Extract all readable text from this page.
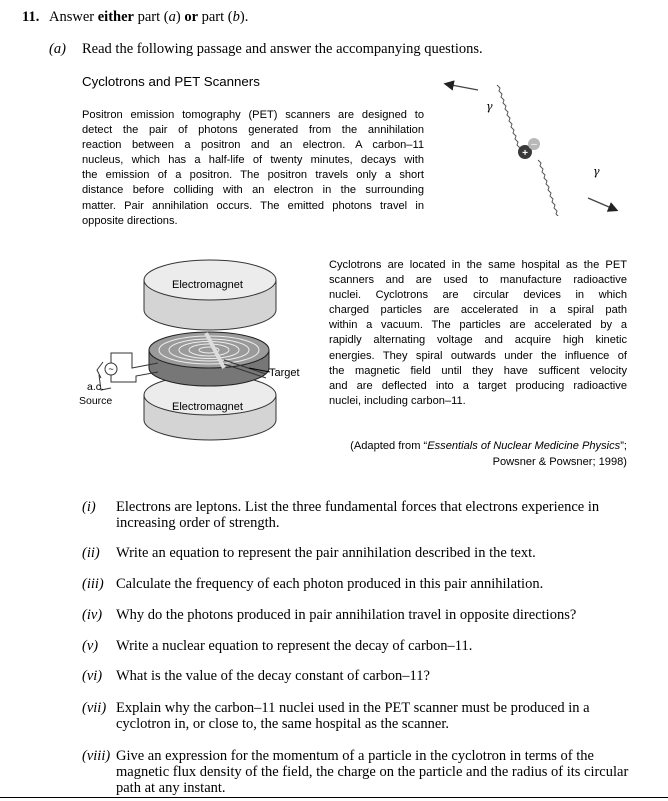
11. Answer either part (a) or part (b).
(a) Read the following passage and answer the accompanying questions.
Cyclotrons and PET Scanners
Positron emission tomography (PET) scanners are designed to
detect the pair of photons generated from the annihilation
reaction between a positron and an electron. A carbon–11
nucleus, which has a half-life of twenty minutes, decays with
the emission of a positron. The positron travels only a short
distance before colliding with an electron in the surrounding
matter. Pair annihilation occurs. The emitted photons travel in
opposite directions.
+
–
γ
γ
~
Electromagnet
Electromagnet
Target
a.c.
Source
Cyclotrons are located in the same hospital as the PET
scanners and are used to manufacture radioactive
nuclei. Cyclotrons are circular devices in which
charged particles are accelerated in a spiral path
within a vacuum. The particles are accelerated by a
rapidly alternating voltage and acquire high kinetic
energies. They spiral outwards under the influence of
the magnetic field until they have sufficent velocity
and are deflected into a target producing radioactive
nuclei, including carbon–11.
(Adapted from “Essentials of Nuclear Medicine Physics”;
Powsner & Powsner; 1998)
(i) Electrons are leptons. List the three fundamental forces that electrons experience in
increasing order of strength.
(ii) Write an equation to represent the pair annihilation described in the text.
(iii) Calculate the frequency of each photon produced in this pair annihilation.
(iv) Why do the photons produced in pair annihilation travel in opposite directions?
(v) Write a nuclear equation to represent the decay of carbon–11.
(vi) What is the value of the decay constant of carbon–11?
(vii) Explain why the carbon–11 nuclei used in the PET scanner must be produced in a
cyclotron in, or close to, the same hospital as the scanner.
(viii) Give an expression for the momentum of a particle in the cyclotron in terms of the
magnetic flux density of the field, the charge on the particle and the radius of its circular
path at any instant.
